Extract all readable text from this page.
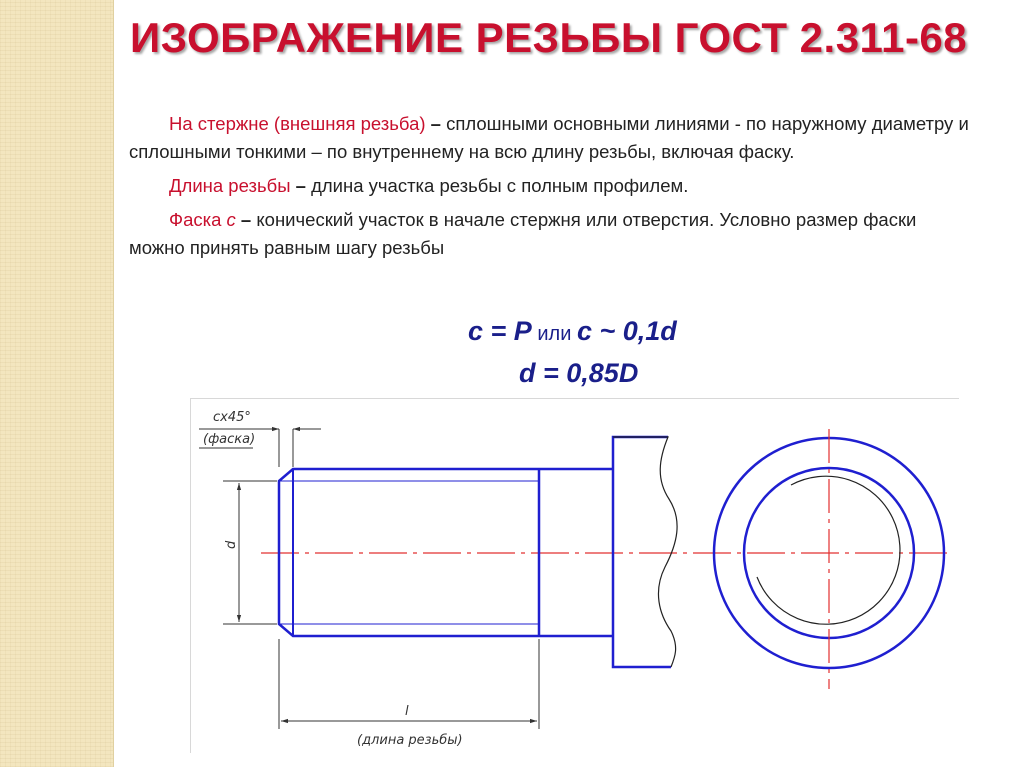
ИЗОБРАЖЕНИЕ РЕЗЬБЫ ГОСТ 2.311-68

На стержне (внешняя резьба) – сплошными основными линиями - по наружному диаметру и сплошными тонкими – по внутреннему на всю длину резьбы, включая фаску.

Длина резьбы – длина участка резьбы с полным профилем.

Фаска с – конический участок в начале стержня или отверстия. Условно размер фаски можно принять равным шагу резьбы

c = P или c ~ 0,1d
d = 0,85D
cx45°
(фаска)
d
l
(длина резьбы)
